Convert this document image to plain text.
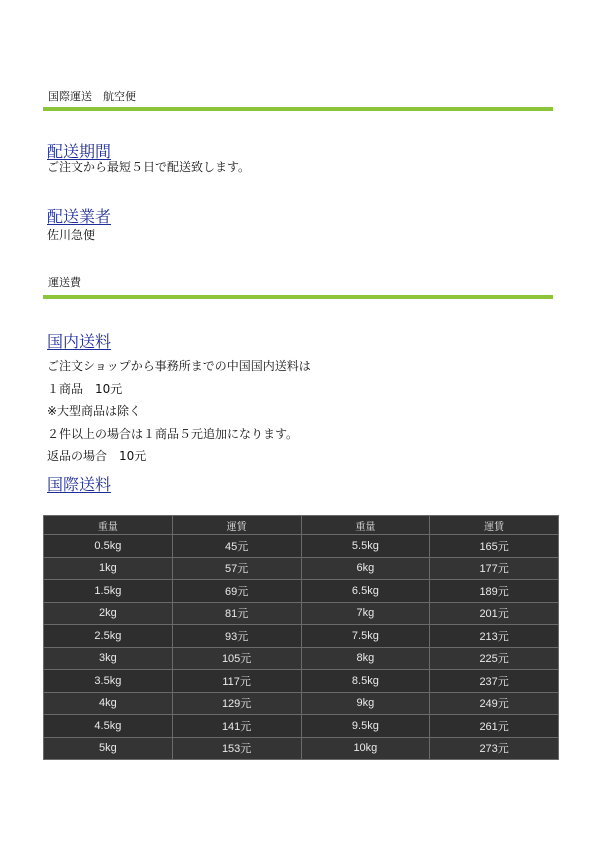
国際運送　航空便
配送期間
ご注文から最短５日で配送致します。
配送業者
佐川急便
運送費
国内送料
ご注文ショップから事務所までの中国国内送料は
１商品　10元
※大型商品は除く
２件以上の場合は１商品５元追加になります。
返品の場合　10元
国際送料
重量	運賃	重量	運賃
0.5kg	45元	5.5kg	165元
1kg	57元	6kg	177元
1.5kg	69元	6.5kg	189元
2kg	81元	7kg	201元
2.5kg	93元	7.5kg	213元
3kg	105元	8kg	225元
3.5kg	117元	8.5kg	237元
4kg	129元	9kg	249元
4.5kg	141元	9.5kg	261元
5kg	153元	10kg	273元
